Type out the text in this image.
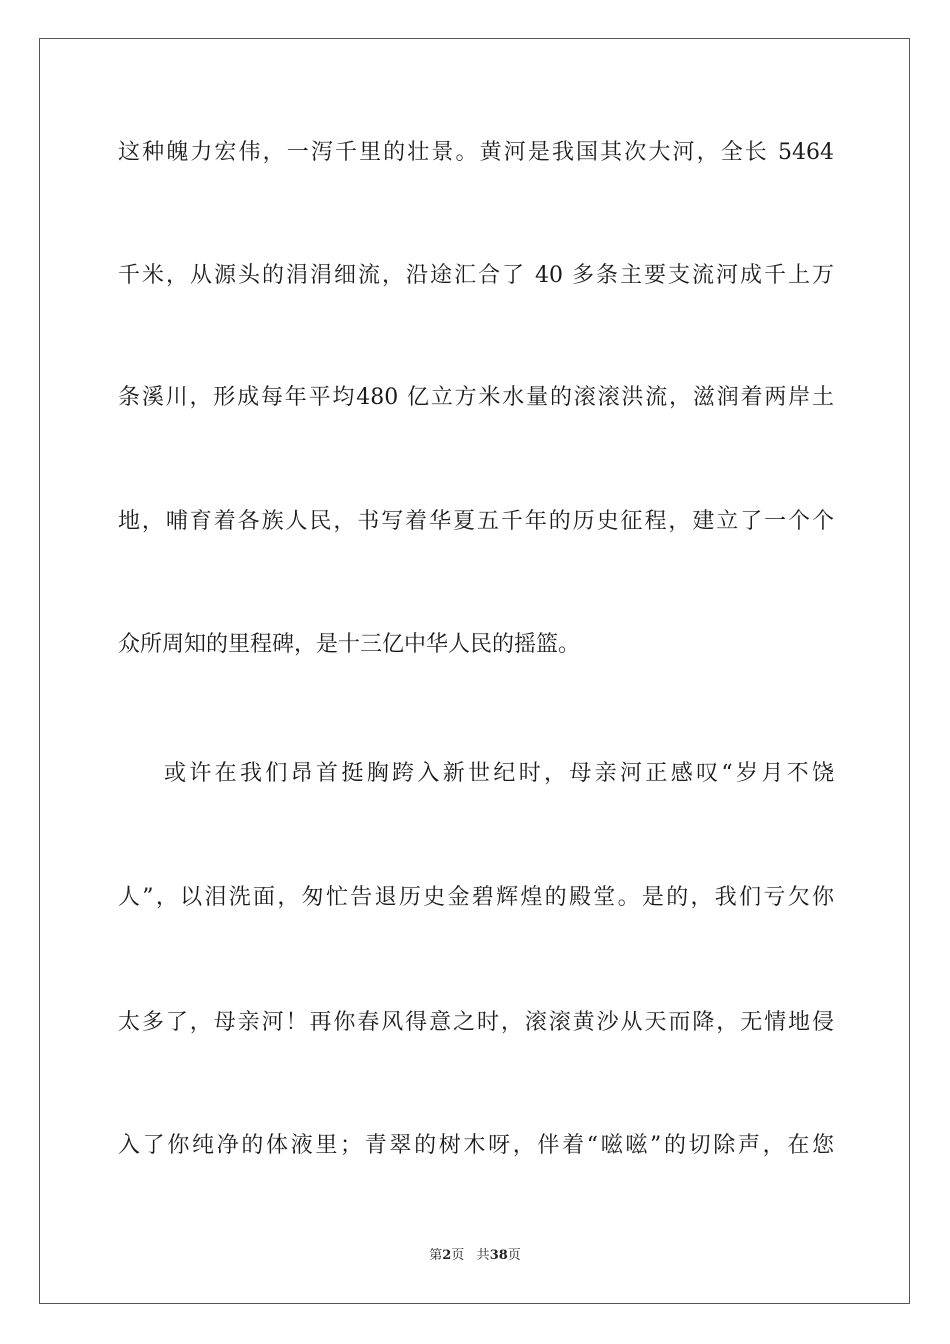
这种魄力宏伟，一泻千里的壮景。黄河是我国其次大河，全长 5464
千米，从源头的涓涓细流，沿途汇合了 40 多条主要支流河成千上万
条溪川，形成每年平均480 亿立方米水量的滚滚洪流，滋润着两岸土
地，哺育着各族人民，书写着华夏五千年的历史征程，建立了一个个
众所周知的里程碑，是十三亿中华人民的摇篮。
或许在我们昂首挺胸跨入新世纪时，母亲河正感叹“岁月不饶
人”，以泪洗面，匆忙告退历史金碧辉煌的殿堂。是的，我们亏欠你
太多了，母亲河！再你春风得意之时，滚滚黄沙从天而降，无情地侵
入了你纯净的体液里；青翠的树木呀，伴着“嗞嗞”的切除声，在您
第2页 共38页
